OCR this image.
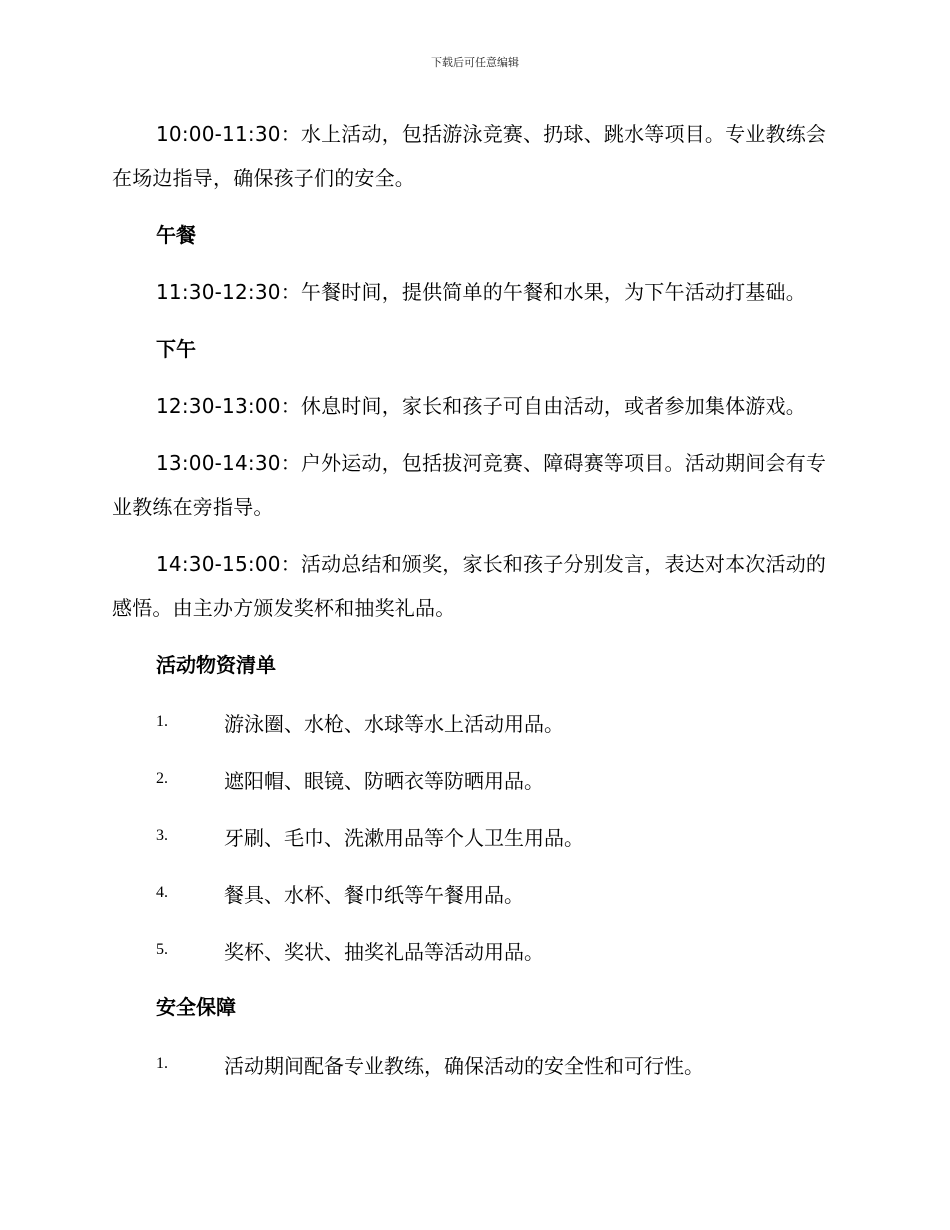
下载后可任意编辑

10:00-11:30：水上活动，包括游泳竞赛、扔球、跳水等项目。专业教练会在场边指导，确保孩子们的安全。

午餐

11:30-12:30：午餐时间，提供简单的午餐和水果，为下午活动打基础。

下午

12:30-13:00：休息时间，家长和孩子可自由活动，或者参加集体游戏。

13:00-14:30：户外运动，包括拔河竞赛、障碍赛等项目。活动期间会有专业教练在旁指导。

14:30-15:00：活动总结和颁奖，家长和孩子分别发言，表达对本次活动的感悟。由主办方颁发奖杯和抽奖礼品。

活动物资清单
1.	游泳圈、水枪、水球等水上活动用品。
2.	遮阳帽、眼镜、防晒衣等防晒用品。
3.	牙刷、毛巾、洗漱用品等个人卫生用品。
4.	餐具、水杯、餐巾纸等午餐用品。
5.	奖杯、奖状、抽奖礼品等活动用品。
安全保障
1.	活动期间配备专业教练，确保活动的安全性和可行性。
